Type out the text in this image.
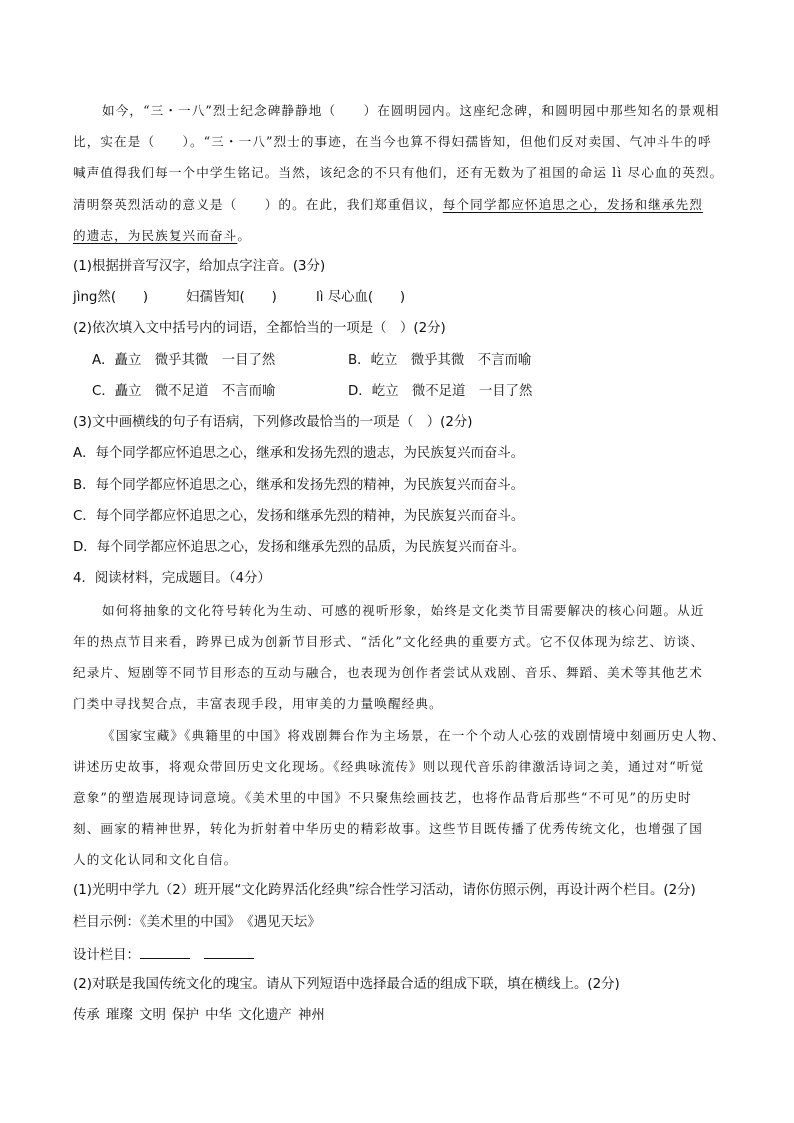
如今，“三・一八”烈士纪念碑静静地（　　）在圆明园内。这座纪念碑，和圆明园中那些知名的景观相
比，实在是（　　）。“三・一八”烈士的事迹，在当今也算不得妇孺皆知，但他们反对卖国、气冲斗牛的呼
喊声值得我们每一个中学生铭记。当然，该纪念的不只有他们，还有无数为了祖国的命运 lì 尽心血的英烈。
清明祭英烈活动的意义是（　　）的。在此，我们郑重倡议，每个同学都应怀追思之心，发扬和继承先烈
的遗志，为民族复兴而奋斗。
(1)根据拼音写汉字，给加点字注音。(3分)
jìng然(　　)	妇孺皆知(　　)	lì 尽心血(　　)
(2)依次填入文中括号内的词语，全都恰当的一项是（　）(2分)
A．矗立　微乎其微　一目了然	B．屹立　微乎其微　不言而喻
C．矗立　微不足道　不言而喻	D．屹立　微不足道　一目了然
(3)文中画横线的句子有语病，下列修改最恰当的一项是（　）(2分)
A．每个同学都应怀追思之心，继承和发扬先烈的遗志，为民族复兴而奋斗。
B．每个同学都应怀追思之心，继承和发扬先烈的精神，为民族复兴而奋斗。
C．每个同学都应怀追思之心，发扬和继承先烈的精神，为民族复兴而奋斗。
D．每个同学都应怀追思之心，发扬和继承先烈的品质，为民族复兴而奋斗。
4．阅读材料，完成题目。（4分）
如何将抽象的文化符号转化为生动、可感的视听形象，始终是文化类节目需要解决的核心问题。从近
年的热点节目来看，跨界已成为创新节目形式、“活化”文化经典的重要方式。它不仅体现为综艺、访谈、
纪录片、短剧等不同节目形态的互动与融合，也表现为创作者尝试从戏剧、音乐、舞蹈、美术等其他艺术
门类中寻找契合点，丰富表现手段，用审美的力量唤醒经典。
《国家宝藏》《典籍里的中国》将戏剧舞台作为主场景，在一个个动人心弦的戏剧情境中刻画历史人物、
讲述历史故事，将观众带回历史文化现场。《经典咏流传》则以现代音乐韵律激活诗词之美，通过对“听觉
意象”的塑造展现诗词意境。《美术里的中国》不只聚焦绘画技艺，也将作品背后那些“不可见”的历史时
刻、画家的精神世界，转化为折射着中华历史的精彩故事。这些节目既传播了优秀传统文化，也增强了国
人的文化认同和文化自信。
(1)光明中学九（2）班开展“文化跨界活化经典”综合性学习活动，请你仿照示例，再设计两个栏目。(2分)
栏目示例：《美术里的中国》　《遇见天坛》
设计栏目：
(2)对联是我国传统文化的瑰宝。请从下列短语中选择最合适的组成下联，填在横线上。(2分)
传承 璀璨 文明 保护 中华 文化遗产 神州
